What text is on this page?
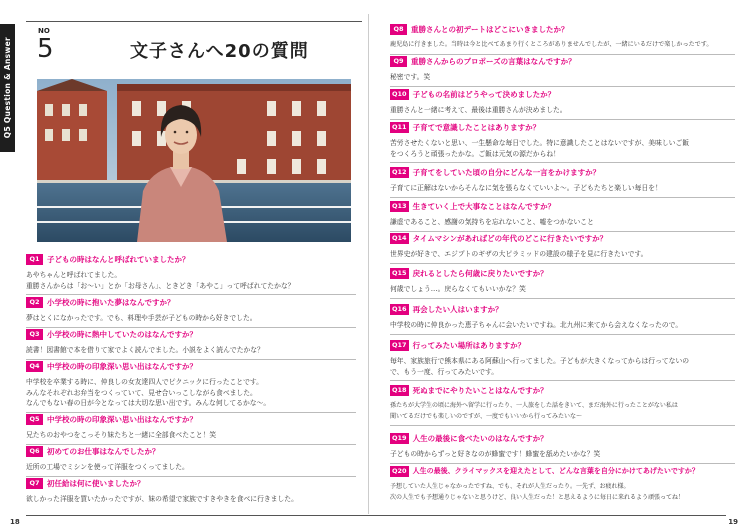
Q5 Question & Answer
NO
5	文子さんへ20の質問
Q1 子どもの時はなんと呼ばれていましたか？
あやちゃんと呼ばれてました。
重勝さんからは「お～い」とか「お母さん」、ときどき「あやこ」って呼ばれてたかな？
Q2 小学校の時に抱いた夢はなんですか？
夢はとくになかったです。でも、料理や手芸が子どもの時から好きでした。
Q3 小学校の時に熱中していたのはなんですか？
読書！図書館で本を借りて家でよく読んでました。小説をよく読んでたかな？
Q4 中学校の時の印象深い思い出はなんですか？
中学校を卒業する時に、仲良しの女友達四人でピクニックに行ったことです。
みんなそれぞれお弁当をつくっていて、見せ合いっこしながら食べました。
なんでもない春の日が今となっては大切な思い出です。みんな何してるかな～。
Q5 中学校の時の印象深い思い出はなんですか？
兄たちのおやつをこっそり妹たちと一緒に全部食べたこと！笑
Q6 初めてのお仕事はなんでしたか？
近所の工場でミシンを使って洋服をつくってました。
Q7 初任給は何に使いましたか？
欲しかった洋服を買いたかったですが、妹の希望で家族ですきやきを食べに行きました。
Q8 重勝さんとの初デートはどこにいきましたか？
鹿児島に行きました。当時は今と比べてあまり行くところがありませんでしたが、一緒にいるだけで楽しかったです。
Q9 重勝さんからのプロポーズの言葉はなんですか？
秘密です。笑
Q10 子どもの名前はどうやって決めましたか？
重勝さんと一緒に考えて、最後は重勝さんが決めました。
Q11 子育てで意識したことはありますか？
苦労させたくないと思い、一生懸命な毎日でした。特に意識したことはないですが、美味しいご飯
をつくろうと頑張ったかな。ご飯は元気の源だからね！
Q12 子育てをしていた頃の自分にどんな一言をかけますか？
子育てに正解はないからそんなに気を張らなくていいよ～。子どもたちと楽しい毎日を！
Q13 生きていく上で大事なことはなんですか？
謙虚であること、感謝の気持ちを忘れないこと、嘘をつかないこと
Q14 タイムマシンがあればどの年代のどこに行きたいですか？
世界史が好きで、エジプトのギザの大ピラミッドの建設の様子を見に行きたいです。
Q15 戻れるとしたら何歳に戻りたいですか？
何歳でしょう…。戻らなくてもいいかな？笑
Q16 再会したい人はいますか？
中学校の時に仲良かった恵子ちゃんに会いたいですね。北九州に来てから会えなくなったので。
Q17 行ってみたい場所はありますか？
毎年、家族旅行で熊本県にある阿蘇山へ行ってました。子どもが大きくなってからは行ってないの
で、もう一度、行ってみたいです。
Q18 死ぬまでにやりたいことはなんですか？
孫たちが大学生の頃に海外へ留学に行ったり、一人旅をした話をきいて、まだ海外に行ったことがない私は
聞いてるだけでも楽しいのですが、一度でもいいから行ってみたいな～
Q19 人生の最後に食べたいのはなんですか？
子どもの時からずっと好きなのが蜂蜜です！蜂蜜を舐めたいかな？笑
Q20 人生の最後、クライマックスを迎えたとして、どんな言葉を自分にかけてあげたいですか？
予想していた人生じゃなかったですね、でも、それが人生だったり。一先ず、お疲れ様。
次の人生でも予想通りじゃないと思うけど、良い人生だった！と思えるように毎日に来れるよう頑張ってね！
18	19
